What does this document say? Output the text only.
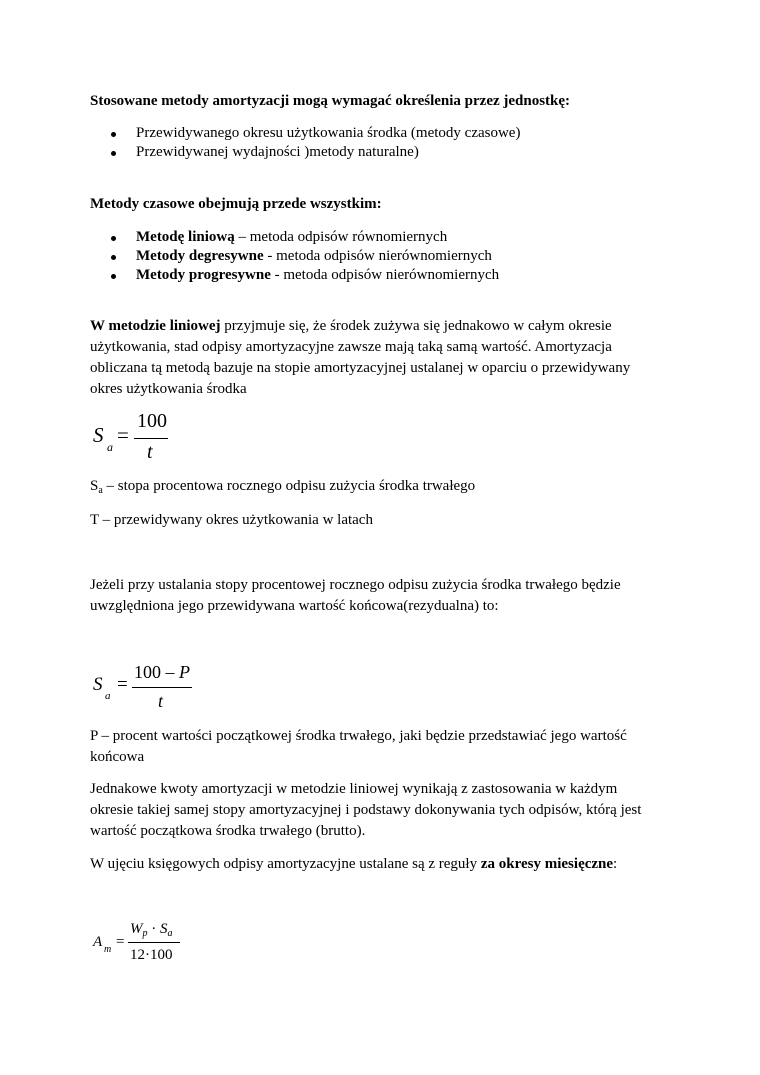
Stosowane metody amortyzacji mogą wymagać określenia przez jednostkę:
Przewidywanego okresu użytkowania środka (metody czasowe)
Przewidywanej wydajności )metody naturalne)
Metody czasowe obejmują przede wszystkim:
Metodę liniową – metoda odpisów równomiernych
Metody degresywne - metoda odpisów nierównomiernych
Metody progresywne - metoda odpisów nierównomiernych

W metodzie liniowej przyjmuje się, że środek zużywa się jednakowo w całym okresie
użytkowania, stad odpisy amortyzacyjne zawsze mają taką samą wartość. Amortyzacja
obliczana tą metodą bazuje na stopie amortyzacyjnej ustalanej w oparciu o przewidywany
okres użytkowania środka

S a =
100
t

$S_a$ – stopa procentowa rocznego odpisu zużycia środka trwałego

T – przewidywany okres użytkowania w latach

Jeżeli przy ustalania stopy procentowej rocznego odpisu zużycia środka trwałego będzie
uwzględniona jego przewidywana wartość końcowa(rezydualna) to:

S
a
=
100 – P
t

P – procent wartości początkowej środka trwałego, jaki będzie przedstawiać jego wartość
końcowa

Jednakowe kwoty amortyzacji w metodzie liniowej wynikają z zastosowania w każdym
okresie takiej samej stopy amortyzacyjnej i podstawy dokonywania tych odpisów, którą jest
wartość początkowa środka trwałego (brutto).

W ujęciu księgowych odpisy amortyzacyjne ustalane są z reguły za okresy miesięczne:

A m =
$W_p \cdot S_a$
12·100
